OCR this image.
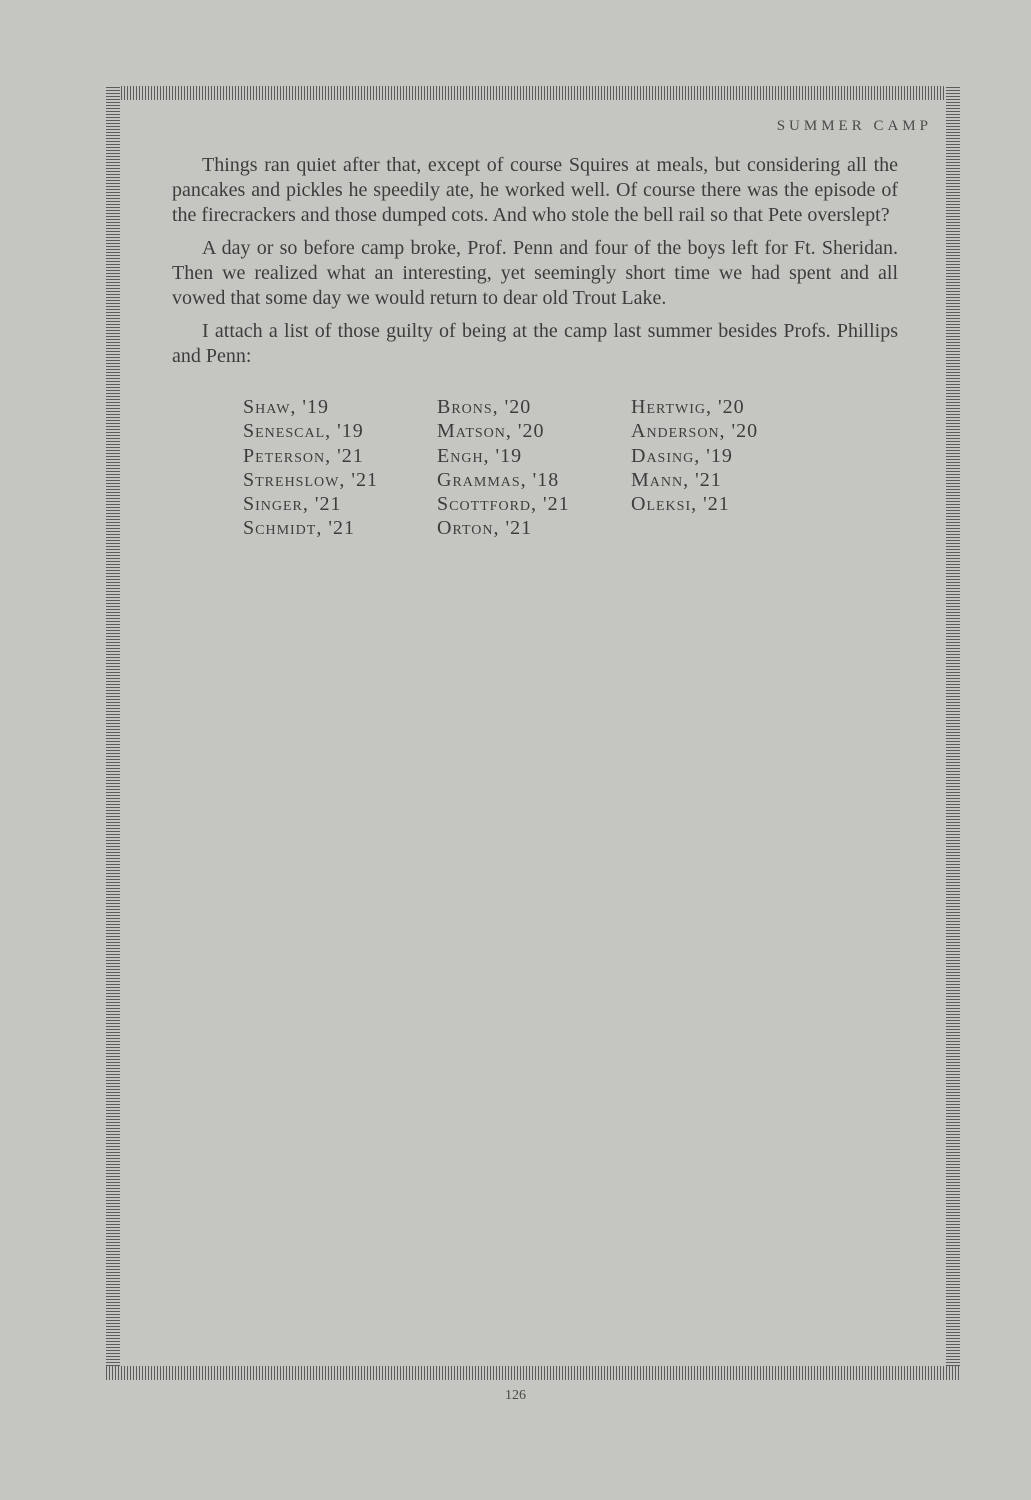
SUMMER CAMP

Things ran quiet after that, except of course Squires at meals, but considering all the pancakes and pickles he speedily ate, he worked well. Of course there was the episode of the firecrackers and those dumped cots. And who stole the bell rail so that Pete overslept?

A day or so before camp broke, Prof. Penn and four of the boys left for Ft. Sheridan. Then we realized what an interesting, yet seemingly short time we had spent and all vowed that some day we would return to dear old Trout Lake.

I attach a list of those guilty of being at the camp last summer besides Profs. Phillips and Penn:

Shaw, '19
Senescal, '19
Peterson, '21
Strehslow, '21
Singer, '21
Schmidt, '21
Brons, '20
Matson, '20
Engh, '19
Grammas, '18
Scottford, '21
Orton, '21
Hertwig, '20
Anderson, '20
Dasing, '19
Mann, '21
Oleksi, '21
126
